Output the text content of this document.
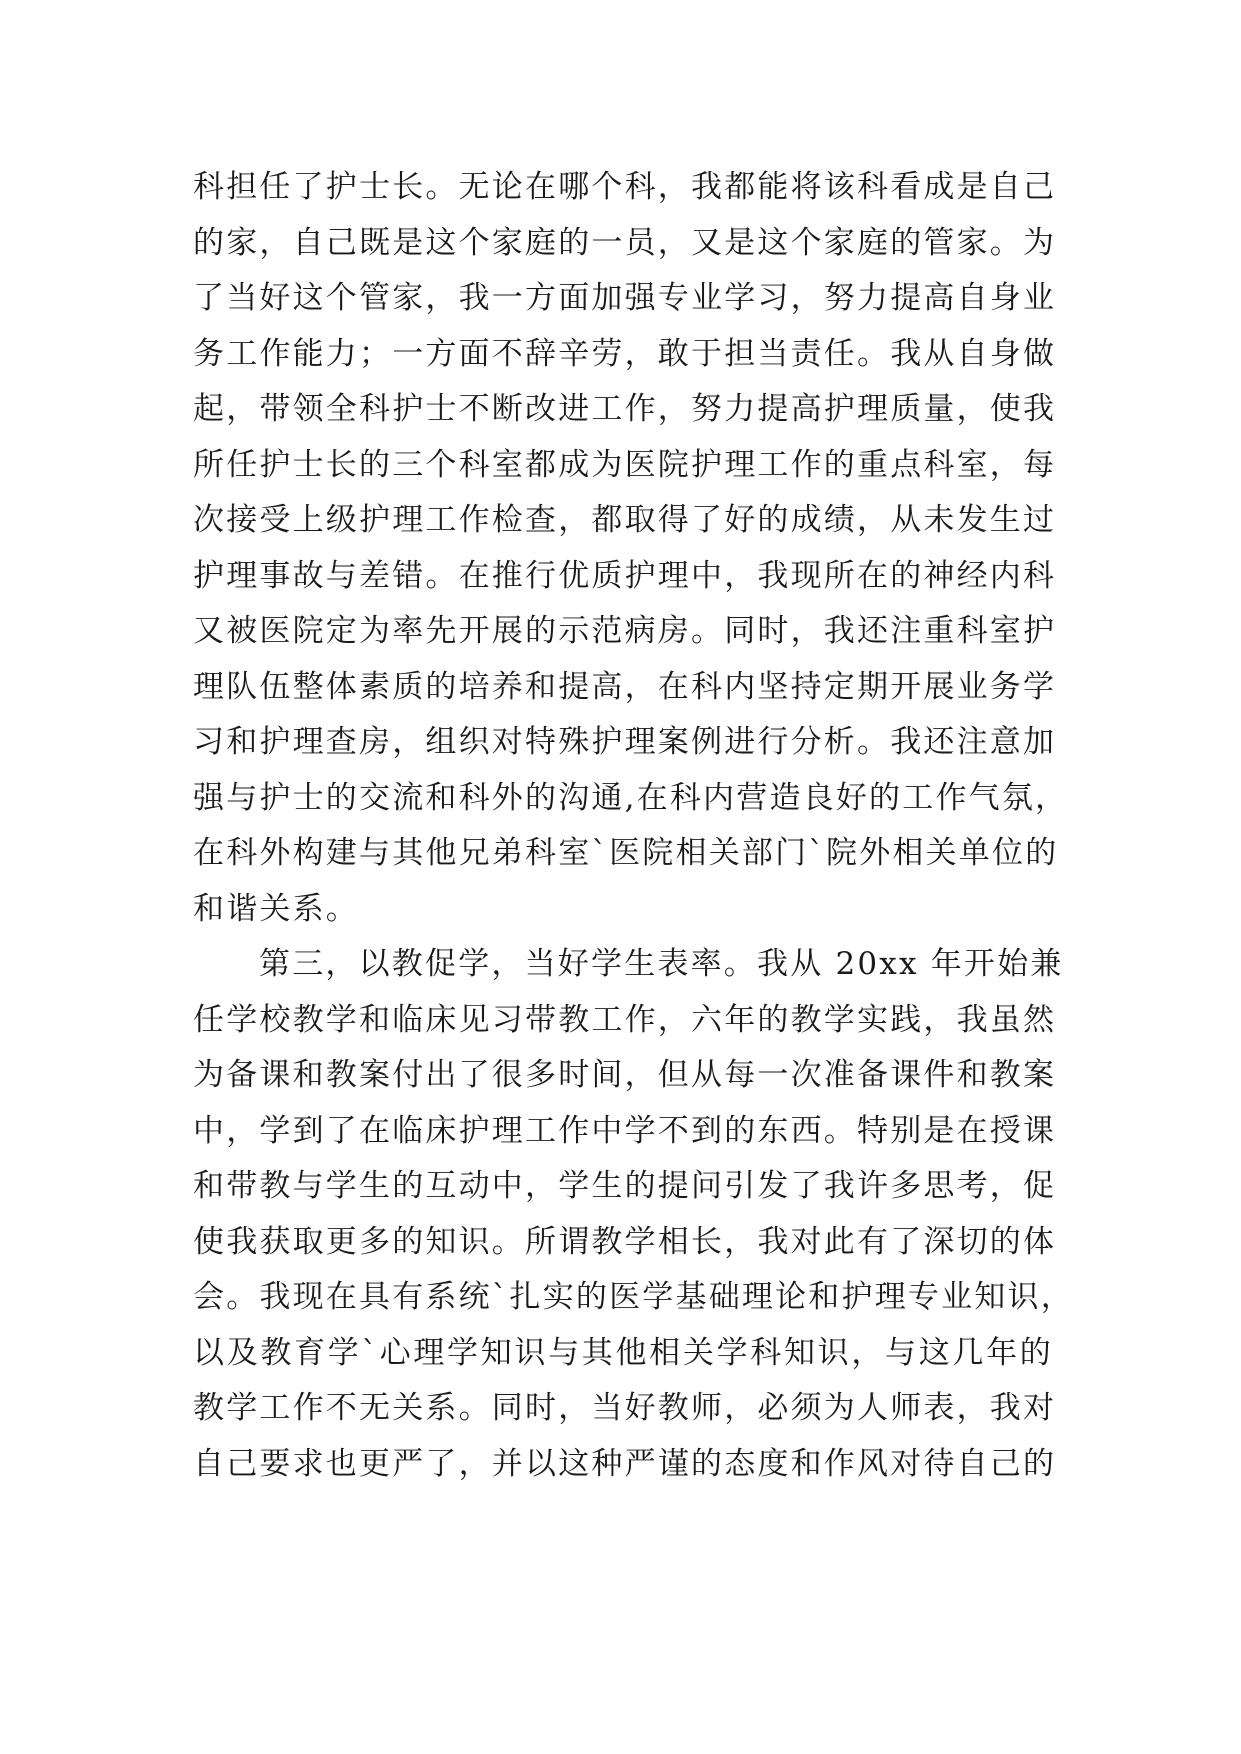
科担任了护士长。无论在哪个科，我都能将该科看成是自己
的家，自己既是这个家庭的一员，又是这个家庭的管家。为
了当好这个管家，我一方面加强专业学习，努力提高自身业
务工作能力；一方面不辞辛劳，敢于担当责任。我从自身做
起，带领全科护士不断改进工作，努力提高护理质量，使我
所任护士长的三个科室都成为医院护理工作的重点科室，每
次接受上级护理工作检查，都取得了好的成绩，从未发生过
护理事故与差错。在推行优质护理中，我现所在的神经内科
又被医院定为率先开展的示范病房。同时，我还注重科室护
理队伍整体素质的培养和提高，在科内坚持定期开展业务学
习和护理查房，组织对特殊护理案例进行分析。我还注意加
强与护士的交流和科外的沟通,在科内营造良好的工作气氛，
在科外构建与其他兄弟科室`医院相关部门`院外相关单位的
和谐关系。
第三，以教促学，当好学生表率。我从 20xx 年开始兼
任学校教学和临床见习带教工作，六年的教学实践，我虽然
为备课和教案付出了很多时间，但从每一次准备课件和教案
中，学到了在临床护理工作中学不到的东西。特别是在授课
和带教与学生的互动中，学生的提问引发了我许多思考，促
使我获取更多的知识。所谓教学相长，我对此有了深切的体
会。我现在具有系统`扎实的医学基础理论和护理专业知识，
以及教育学`心理学知识与其他相关学科知识，与这几年的
教学工作不无关系。同时，当好教师，必须为人师表，我对
自己要求也更严了，并以这种严谨的态度和作风对待自己的
